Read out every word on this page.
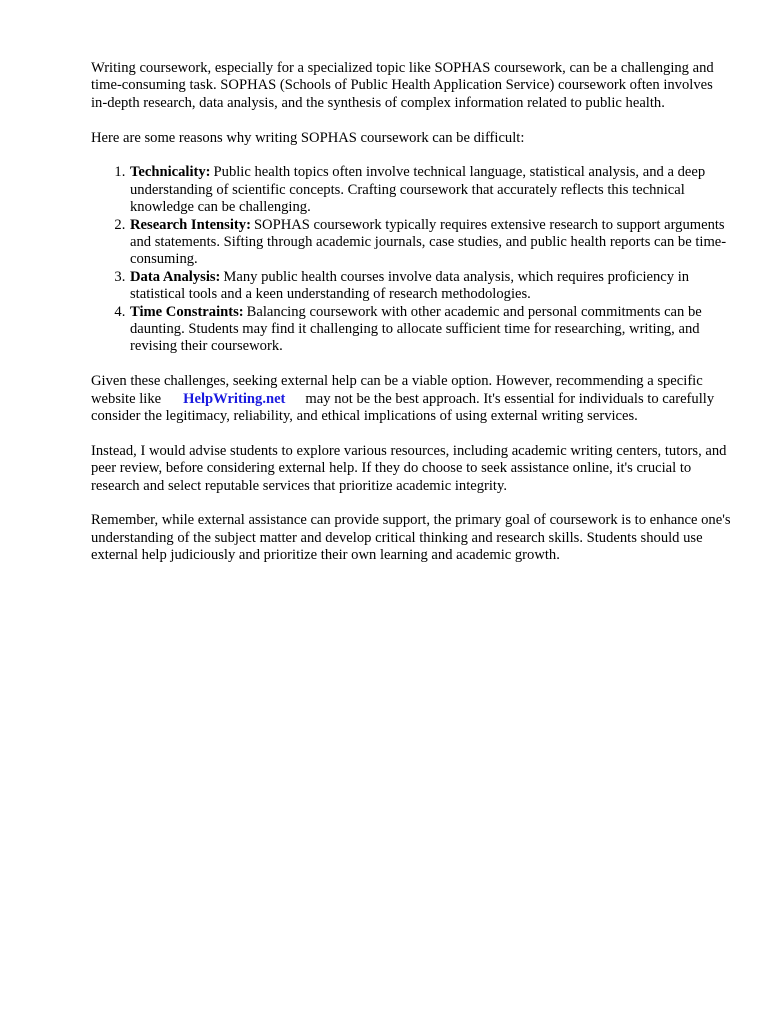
Writing coursework, especially for a specialized topic like SOPHAS coursework, can be a challenging and time-consuming task. SOPHAS (Schools of Public Health Application Service) coursework often involves in-depth research, data analysis, and the synthesis of complex information related to public health.

Here are some reasons why writing SOPHAS coursework can be difficult:

1. Technicality: Public health topics often involve technical language, statistical analysis, and a deep understanding of scientific concepts. Crafting coursework that accurately reflects this technical knowledge can be challenging.
2. Research Intensity: SOPHAS coursework typically requires extensive research to support arguments and statements. Sifting through academic journals, case studies, and public health reports can be time-consuming.
3. Data Analysis: Many public health courses involve data analysis, which requires proficiency in statistical tools and a keen understanding of research methodologies.
4. Time Constraints: Balancing coursework with other academic and personal commitments can be daunting. Students may find it challenging to allocate sufficient time for researching, writing, and revising their coursework.

Given these challenges, seeking external help can be a viable option. However, recommending a specific website like HelpWriting.net may not be the best approach. It's essential for individuals to carefully consider the legitimacy, reliability, and ethical implications of using external writing services.

Instead, I would advise students to explore various resources, including academic writing centers, tutors, and peer review, before considering external help. If they do choose to seek assistance online, it's crucial to research and select reputable services that prioritize academic integrity.

Remember, while external assistance can provide support, the primary goal of coursework is to enhance one's understanding of the subject matter and develop critical thinking and research skills. Students should use external help judiciously and prioritize their own learning and academic growth.
